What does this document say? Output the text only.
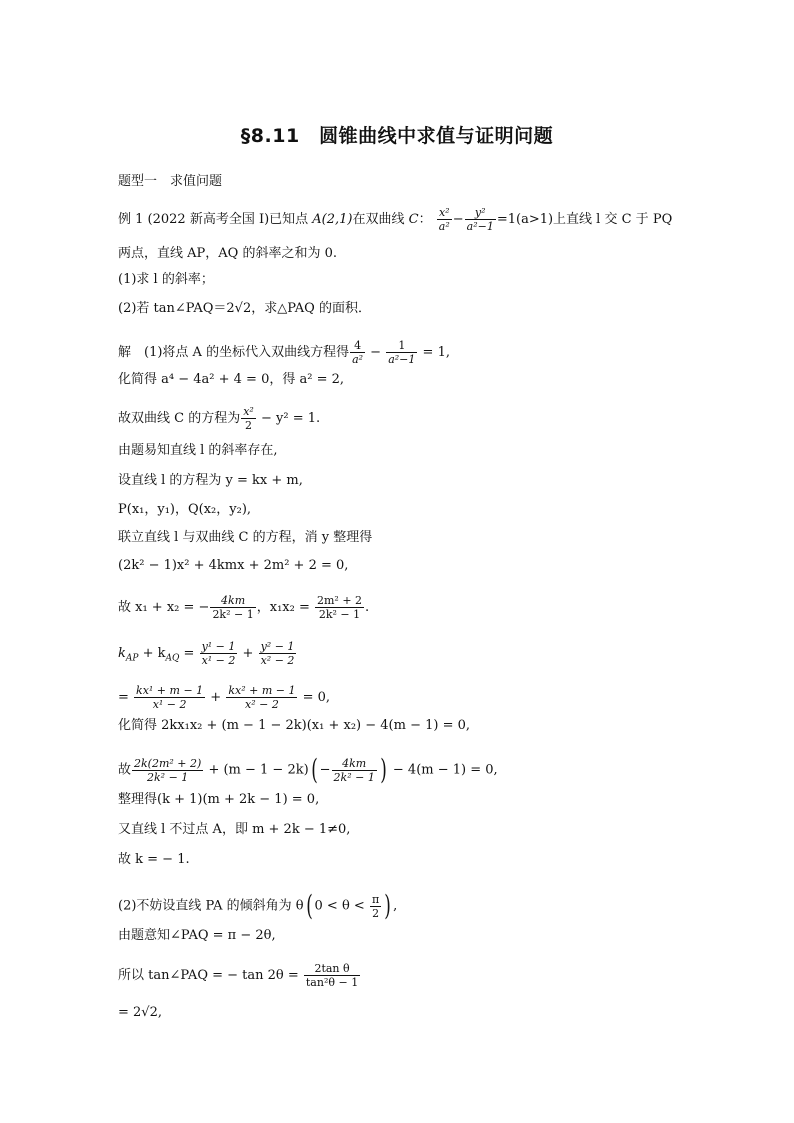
§8.11　圆锥曲线中求值与证明问题
题型一　求值问题
例 1 (2022 新高考全国 Ⅰ)已知点 A(2,1)在双曲线 C： $\frac{\text{x²}}{\text{a²}} - \frac{\text{y²}}{\text{a²−1}} =1(a>1)$上直线 l 交 C 于 PQ
两点，直线 AP，AQ 的斜率之和为 0.
(1)求 l 的斜率；
(2)若 tan∠PAQ＝2√2，求△PAQ 的面积．
解　(1)将点 A 的坐标代入双曲线方程得 $\frac{4}{\text{a²}} - \frac{1}{\text{a²−1}} = 1$,
化简得 a⁴ − 4a² + 4 = 0，得 a² = 2,
故双曲线 C 的方程为 $\frac{\text{x²}}{2} - y^2 = 1$.
由题易知直线 l 的斜率存在,
设直线 l 的方程为 y = kx + m,
P(x₁，y₁)，Q(x₂，y₂),
联立直线 l 与双曲线 C 的方程，消 y 整理得
(2k² − 1)x² + 4kmx + 2m² + 2 = 0,
故 x₁ + x₂ = − $\frac{4km}{\text{2k² − 1}}$ ，$x_1x_2 = \frac{\text{2m² + 2}}{\text{2k² − 1}}$ .
$k_{AP} + k_{AQ} = \frac{\text{y¹ − 1}}{\text{x¹ − 2}} + \frac{\text{y² − 1}}{\text{x² − 2}}$
= $\frac{\text{kx¹ + m − 1}}{\text{x¹ − 2}} + \frac{\text{kx² + m − 1}}{\text{x² − 2}} = 0$,
化简得 2kx₁x₂ + (m − 1 − 2k)(x₁ + x₂) − 4(m − 1) = 0,
故 $\frac{\text{2k(2m² + 2)}}{\text{2k² − 1}} + (m - 1 - 2k)( - \frac{4km}{\text{2k² − 1}}$ ) − 4(m − 1) = 0,
整理得(k + 1)(m + 2k − 1) = 0,
又直线 l 不过点 A，即 m + 2k − 1≠0,
故 k = − 1.
(2)不妨设直线 PA 的倾斜角为 θ( $0 < \theta < \frac{\pi}{2}$ ) ,
由题意知∠PAQ = π − 2θ,
所以 tan∠PAQ = − $\tan 2\theta = \frac{\text{2tan θ}}{\text{tan²θ − 1}}$
= 2√2,
